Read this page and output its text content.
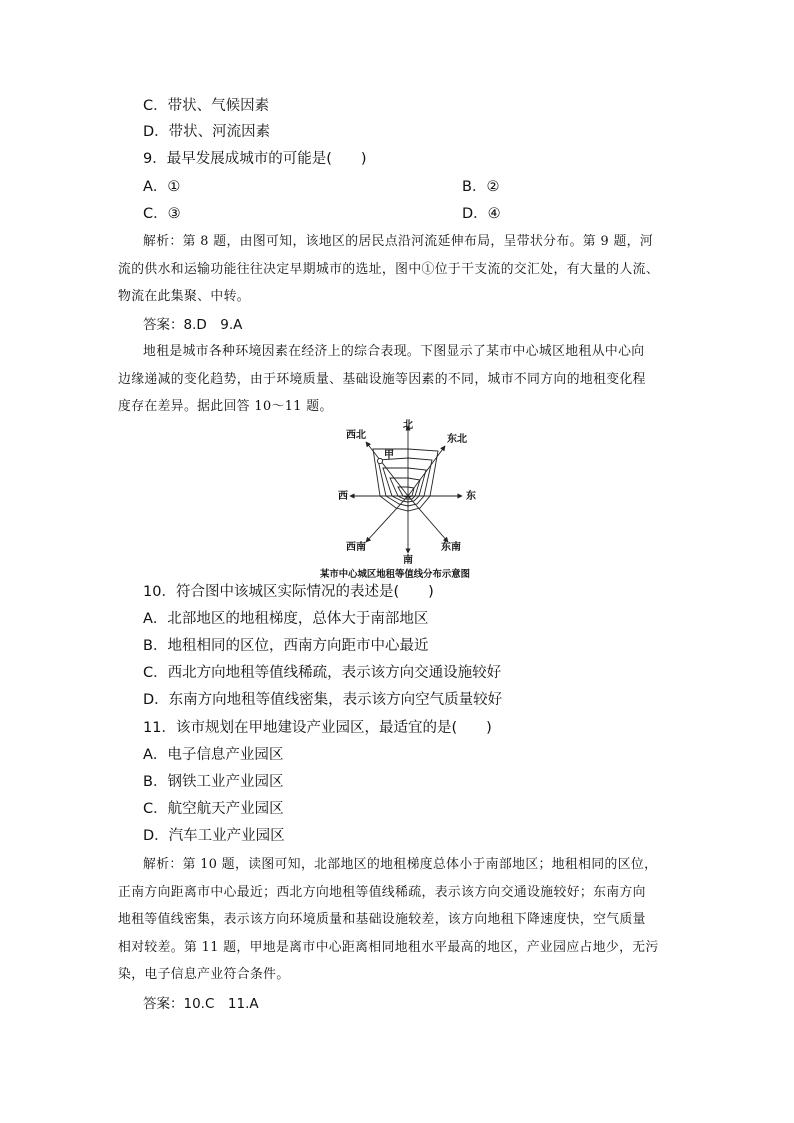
C．带状、气候因素
D．带状、河流因素
9．最早发展成城市的可能是(　　)
A．①	B．②
C．③	D．④

解析：第 8 题，由图可知，该地区的居民点沿河流延伸布局，呈带状分布。第 9 题，河

流的供水和运输功能往往决定早期城市的选址，图中①位于干支流的交汇处，有大量的人流、

物流在此集聚、中转。

答案：8.D　9.A

地租是城市各种环境因素在经济上的综合表现。下图显示了某市中心城区地租从中心向

边缘递减的变化趋势，由于环境质量、基础设施等因素的不同，城市不同方向的地租变化程

度存在差异。据此回答 10～11 题。

北
西北	东北
西	东
西南
南
东南
甲
某市中心城区地租等值线分布示意图
10．符合图中该城区实际情况的表述是(　　)
A．北部地区的地租梯度，总体大于南部地区
B．地租相同的区位，西南方向距市中心最近
C．西北方向地租等值线稀疏，表示该方向交通设施较好
D．东南方向地租等值线密集，表示该方向空气质量较好
11．该市规划在甲地建设产业园区，最适宜的是(　　)
A．电子信息产业园区
B．钢铁工业产业园区
C．航空航天产业园区
D．汽车工业产业园区

解析：第 10 题，读图可知，北部地区的地租梯度总体小于南部地区；地租相同的区位，

正南方向距离市中心最近；西北方向地租等值线稀疏，表示该方向交通设施较好；东南方向

地租等值线密集，表示该方向环境质量和基础设施较差，该方向地租下降速度快，空气质量

相对较差。第 11 题，甲地是离市中心距离相同地租水平最高的地区，产业园应占地少，无污

染，电子信息产业符合条件。

答案：10.C　11.A
